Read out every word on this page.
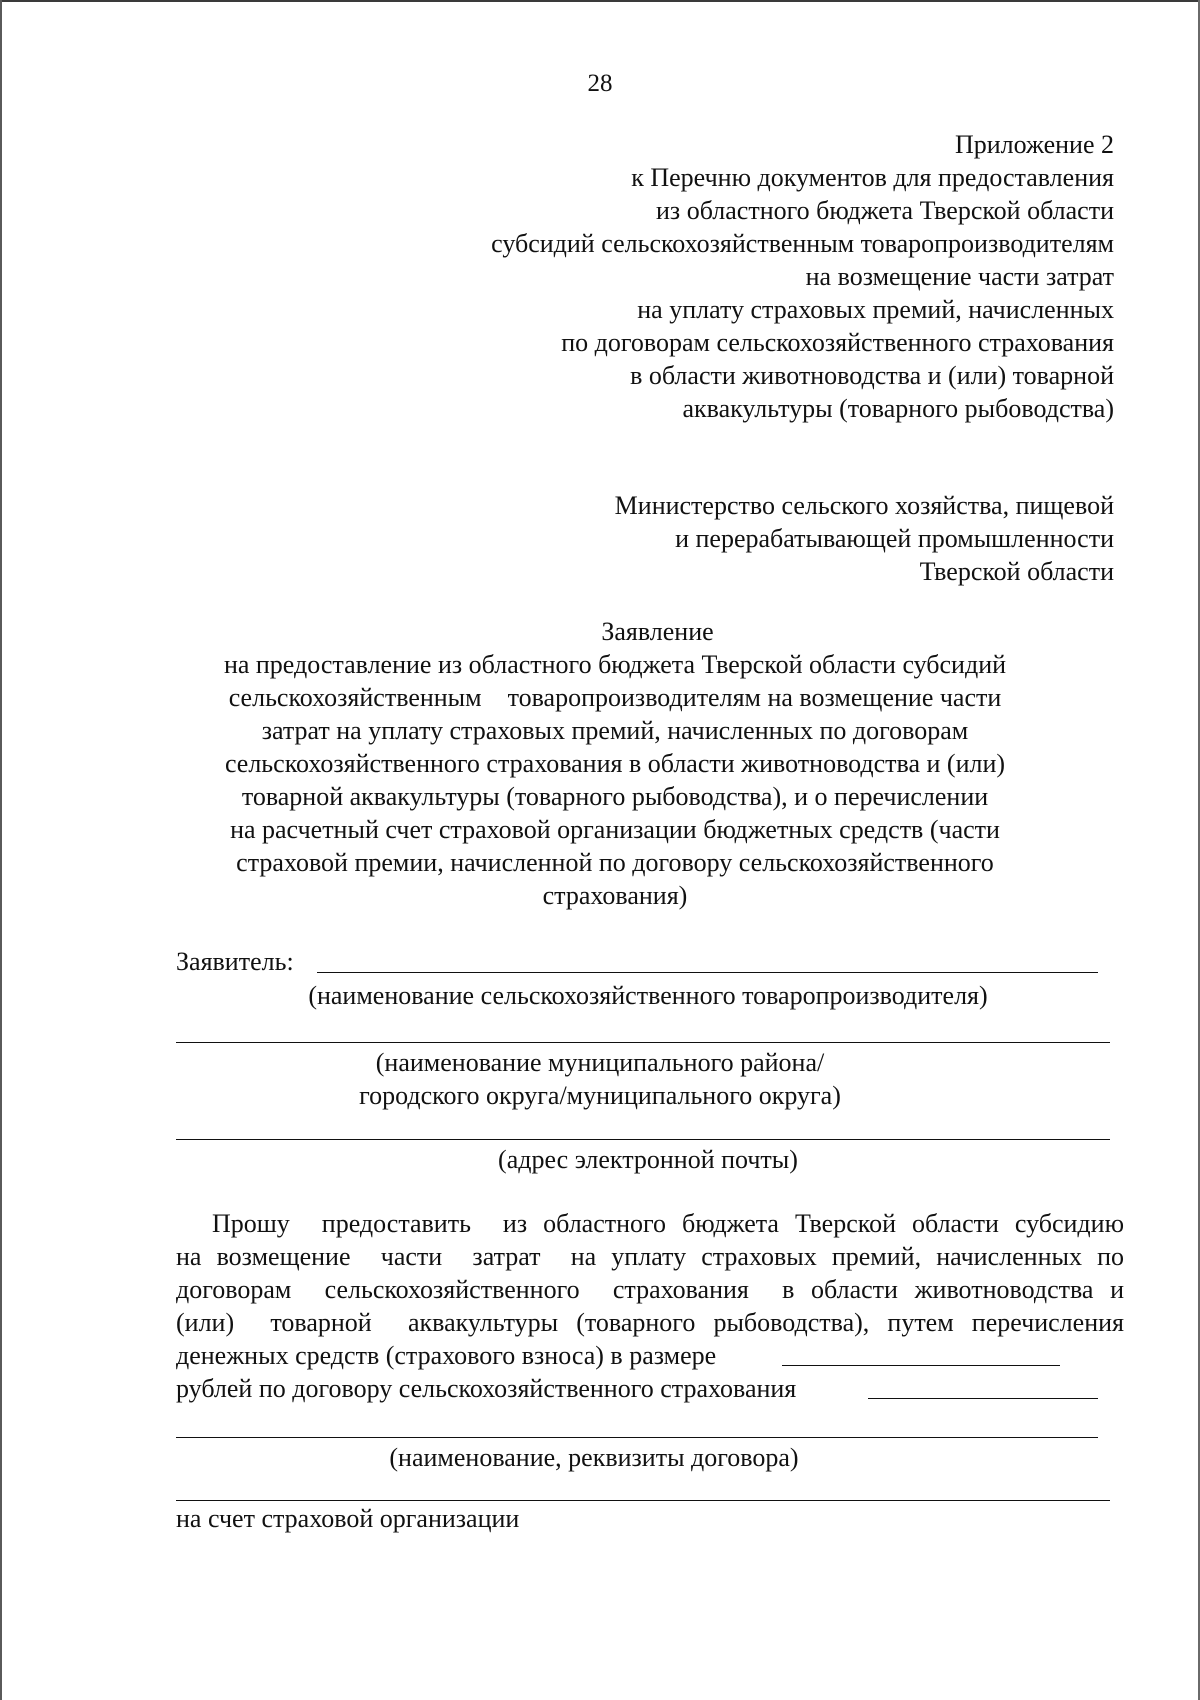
28
Приложение 2
к Перечню документов для предоставления
из областного бюджета Тверской области
субсидий сельскохозяйственным товаропроизводителям
на возмещение части затрат
на уплату страховых премий, начисленных
по договорам сельскохозяйственного страхования
в области животноводства и (или) товарной
аквакультуры (товарного рыбоводства)
Министерство сельского хозяйства, пищевой
и перерабатывающей промышленности
Тверской области
Заявление
на предоставление из областного бюджета Тверской области субсидий
сельскохозяйственным    товаропроизводителям на возмещение части
затрат на уплату страховых премий, начисленных по договорам
сельскохозяйственного страхования в области животноводства и (или)
товарной аквакультуры (товарного рыбоводства), и о перечислении
на расчетный счет страховой организации бюджетных средств (части
страховой премии, начисленной по договору сельскохозяйственного
страхования)
Заявитель:
(наименование сельскохозяйственного товаропроизводителя)
(наименование муниципального района/
городского округа/муниципального округа)
(адрес электронной почты)
Прошу  предоставить  из областного бюджета Тверской области субсидию
на возмещение  части  затрат  на уплату страховых премий, начисленных по
договорам  сельскохозяйственного  страхования  в области животноводства и
(или)  товарной  аквакультуры (товарного рыбоводства), путем перечисления
денежных средств (страхового взноса) в размере
рублей по договору сельскохозяйственного страхования
(наименование, реквизиты договора)
на счет страховой организации
